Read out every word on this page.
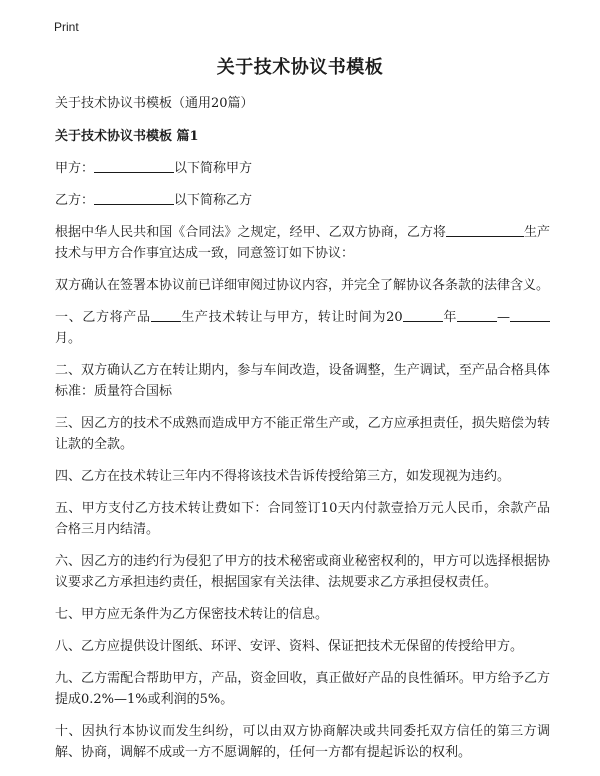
Print
关于技术协议书模板

关于技术协议书模板（通用20篇）

关于技术协议书模板 篇1

甲方：	以下简称甲方

乙方：	以下简称乙方

根据中华人民共和国《合同法》之规定，经甲、乙双方协商，乙方将	生产技术与甲方合作事宜达成一致，同意签订如下协议：

双方确认在签署本协议前已详细审阅过协议内容，并完全了解协议各条款的法律含义。

一、乙方将产品 生产技术转让与甲方，转让时间为20	年	—月。

二、双方确认乙方在转让期内，参与车间改造，设备调整，生产调试，至产品合格具体标准：质量符合国标

三、因乙方的技术不成熟而造成甲方不能正常生产或，乙方应承担责任，损失赔偿为转让款的全款。

四、乙方在技术转让三年内不得将该技术告诉传授给第三方，如发现视为违约。

五、甲方支付乙方技术转让费如下：合同签订10天内付款壹拾万元人民币，余款产品合格三月内结清。

六、因乙方的违约行为侵犯了甲方的技术秘密或商业秘密权利的，甲方可以选择根据协议要求乙方承担违约责任，根据国家有关法律、法规要求乙方承担侵权责任。

七、甲方应无条件为乙方保密技术转让的信息。

八、乙方应提供设计图纸、环评、安评、资料、保证把技术无保留的传授给甲方。

九、乙方需配合帮助甲方，产品，资金回收，真正做好产品的良性循环。甲方给予乙方提成0.2%—1%或利润的5%。

十、因执行本协议而发生纠纷，可以由双方协商解决或共同委托双方信任的第三方调解、协商，调解不成或一方不愿调解的，任何一方都有提起诉讼的权利。
